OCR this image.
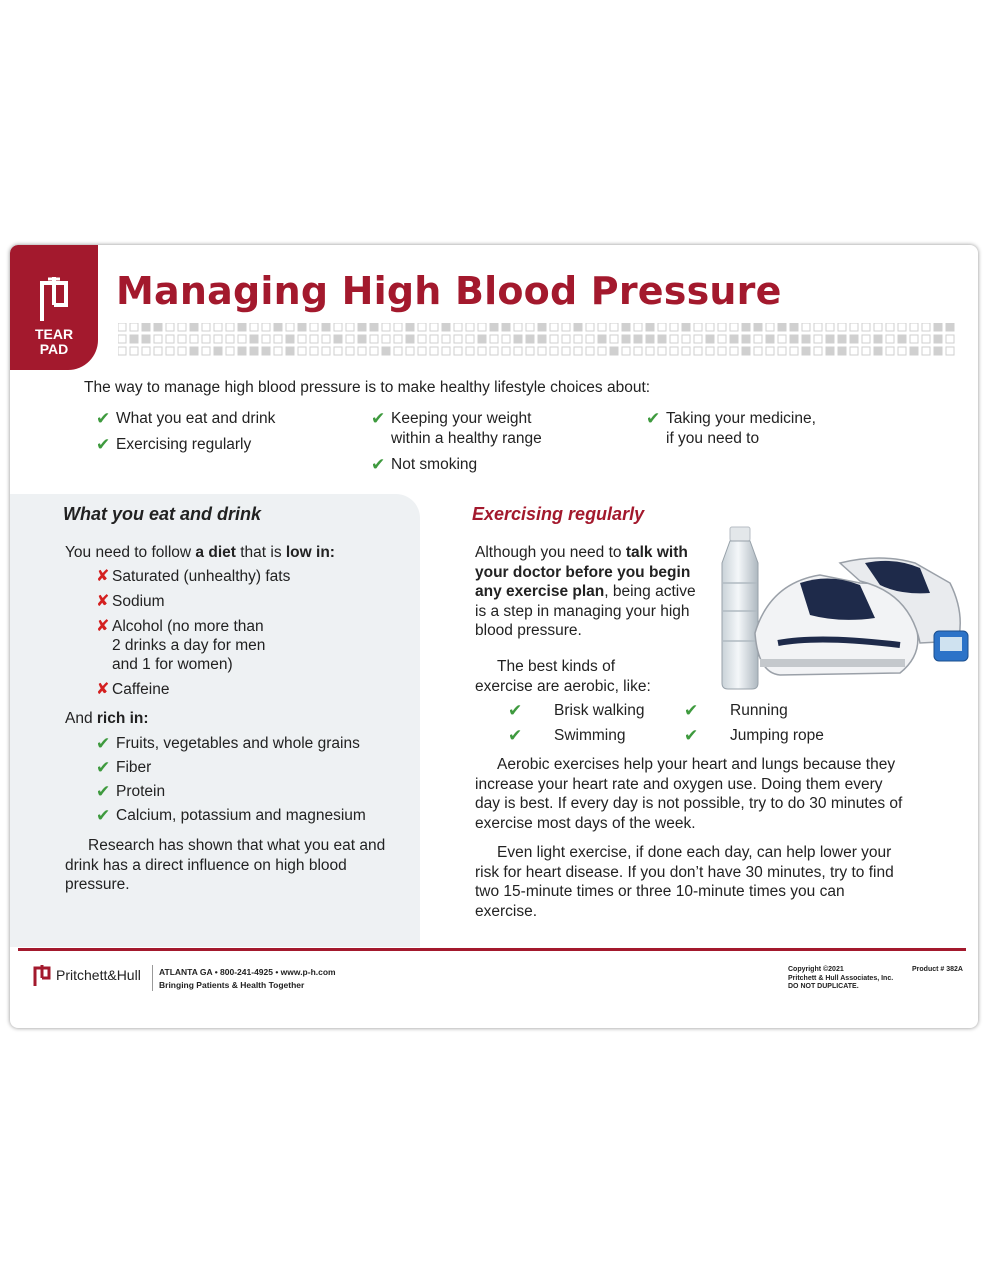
TEAR
PAD
Managing High Blood Pressure

The way to manage high blood pressure is to make healthy lifestyle choices about:

✔ What you eat and drink
✔ Exercising regularly
✔ Keeping your weight
within a healthy range
✔ Not smoking
✔ Taking your medicine,
if you need to
What you eat and drink

You need to follow a diet that is low in:

✘ Saturated (unhealthy) fats
✘ Sodium
✘ Alcohol (no more than
2 drinks a day for men
and 1 for women)
✘ Caffeine

And rich in:

✔ Fruits, vegetables and whole grains
✔ Fiber
✔ Protein
✔ Calcium, potassium and magnesium

Research has shown that what you eat and drink has a direct influence on high blood pressure.

Exercising regularly

Although you need to talk with your doctor before you begin any exercise plan, being active is a step in managing your high blood pressure.

The best kinds of exercise are aerobic, like:

✔	Brisk walking ✔	Running
✔	Swimming	✔	Jumping rope

Aerobic exercises help your heart and lungs because they increase your heart rate and oxygen use. Doing them every day is best. If every day is not possible, try to do 30 minutes of exercise most days of the week.

Even light exercise, if done each day, can help lower your risk for heart disease. If you don’t have 30 minutes, try to find two 15-minute times or three 10-minute times you can exercise.

Pritchett&Hull ATLANTA GA • 800-241-4925 • www.p-h.com
Bringing Patients & Health Together
Copyright ©2021
Pritchett & Hull Associates, Inc.
DO NOT DUPLICATE.
Product # 382A
